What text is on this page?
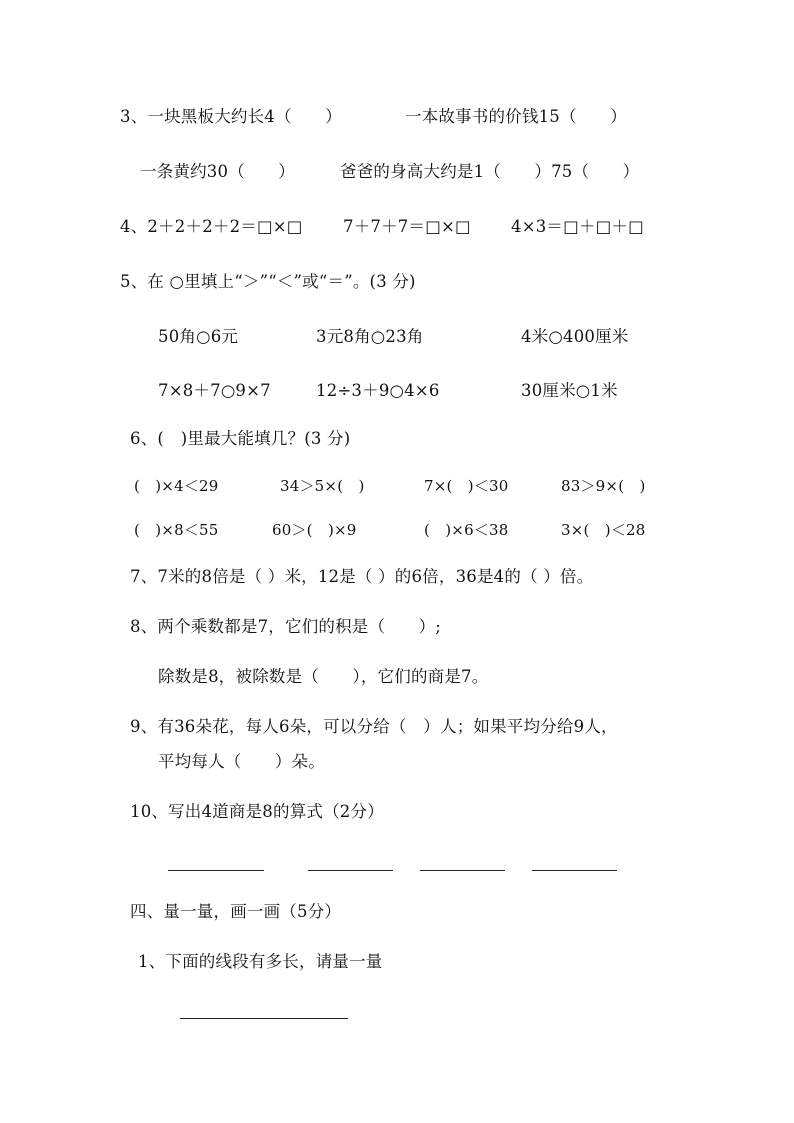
3、一块黑板大约长4（　　）	一本故事书的价钱15（　　）
一条黄约30（　　）	爸爸的身高大约是1（　　）75（　　）
4、2＋2＋2＋2＝□×□ 7＋7＋7＝□×□ 4×3＝□＋□＋□
5、在 ○里填上“＞”“＜”或“＝”。(3 分)
50角○6元	3元8角○23角	4米○400厘米
7×8＋7○9×7	12÷3＋9○4×6	30厘米○1米
6、(　)里最大能填几？(3 分)
(　)×4＜29	34＞5×(　)	7×(　)＜30	83＞9×(　)
(　)×8＜55	60＞(　)×9	(　)×6＜38	3×(　)＜28
7、7米的8倍是（ ）米，12是（ ）的6倍，36是4的（ ）倍。
8、两个乘数都是7，它们的积是（　　）;
除数是8，被除数是（　　），它们的商是7。
9、有36朵花，每人6朵，可以分给（　）人；如果平均分给9人，
平均每人（　　）朵。
10、写出4道商是8的算式（2分）
四、量一量，画一画（5分）
1、下面的线段有多长，请量一量
